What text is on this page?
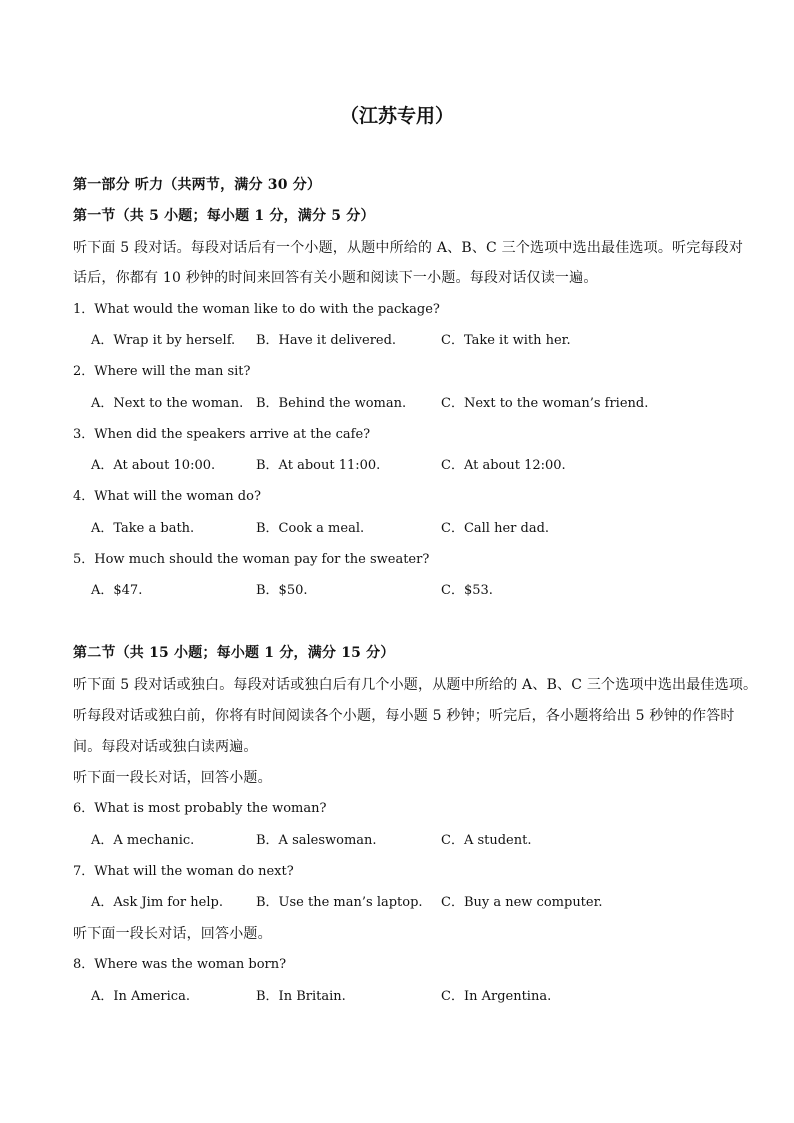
（江苏专用）
第一部分 听力（共两节，满分 30 分）
第一节（共 5 小题；每小题 1 分，满分 5 分）
听下面 5 段对话。每段对话后有一个小题，从题中所给的 A、B、C 三个选项中选出最佳选项。听完每段对
话后，你都有 10 秒钟的时间来回答有关小题和阅读下一小题。每段对话仅读一遍。
1．What would the woman like to do with the package?
A．Wrap it by herself. B．Have it delivered.	C．Take it with her.
2．Where will the man sit?
A．Next to the woman. B．Behind the woman.	C．Next to the woman’s friend.
3．When did the speakers arrive at the cafe?
A．At about 10:00.	B．At about 11:00.	C．At about 12:00.
4．What will the woman do?
A．Take a bath.	B．Cook a meal.	C．Call her dad.
5．How much should the woman pay for the sweater?
A．$47.	B．$50.	C．$53.
第二节（共 15 小题；每小题 1 分，满分 15 分）
听下面 5 段对话或独白。每段对话或独白后有几个小题，从题中所给的 A、B、C 三个选项中选出最佳选项。
听每段对话或独白前，你将有时间阅读各个小题，每小题 5 秒钟；听完后，各小题将给出 5 秒钟的作答时
间。每段对话或独白读两遍。
听下面一段长对话，回答小题。
6．What is most probably the woman?
A．A mechanic.	B．A saleswoman.	C．A student.
7．What will the woman do next?
A．Ask Jim for help.	B．Use the man’s laptop. C．Buy a new computer.
听下面一段长对话，回答小题。
8．Where was the woman born?
A．In America.	B．In Britain.	C．In Argentina.
